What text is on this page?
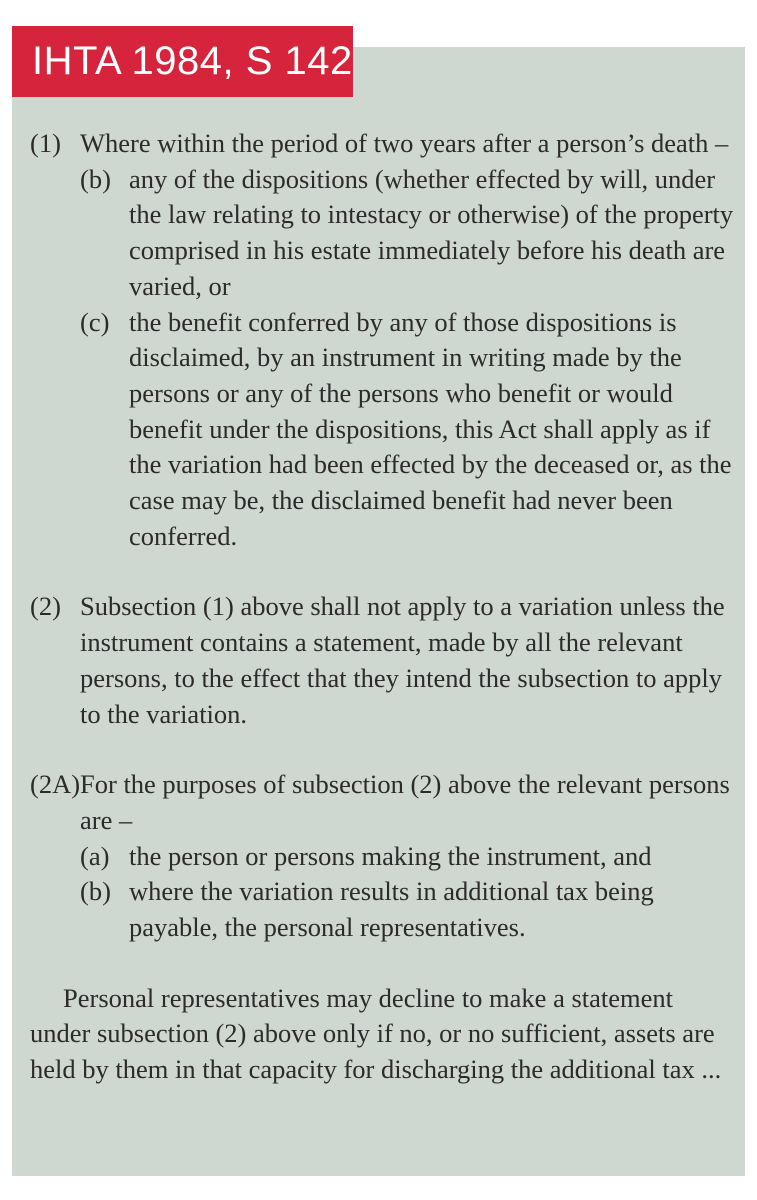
IHTA 1984, S 142
(1) Where within the period of two years after a person’s death –
(b) any of the dispositions (whether effected by will, under the law relating to intestacy or otherwise) of the property comprised in his estate immediately before his death are varied, or
(c) the benefit conferred by any of those dispositions is disclaimed, by an instrument in writing made by the persons or any of the persons who benefit or would benefit under the dispositions, this Act shall apply as if the variation had been effected by the deceased or, as the case may be, the disclaimed benefit had never been conferred.
(2) Subsection (1) above shall not apply to a variation unless the instrument contains a statement, made by all the relevant persons, to the effect that they intend the subsection to apply to the variation.
(2A) For the purposes of subsection (2) above the relevant persons are –
(a) the person or persons making the instrument, and
(b) where the variation results in additional tax being payable, the personal representatives.

Personal representatives may decline to make a statement under subsection (2) above only if no, or no sufficient, assets are held by them in that capacity for discharging the additional tax ...
